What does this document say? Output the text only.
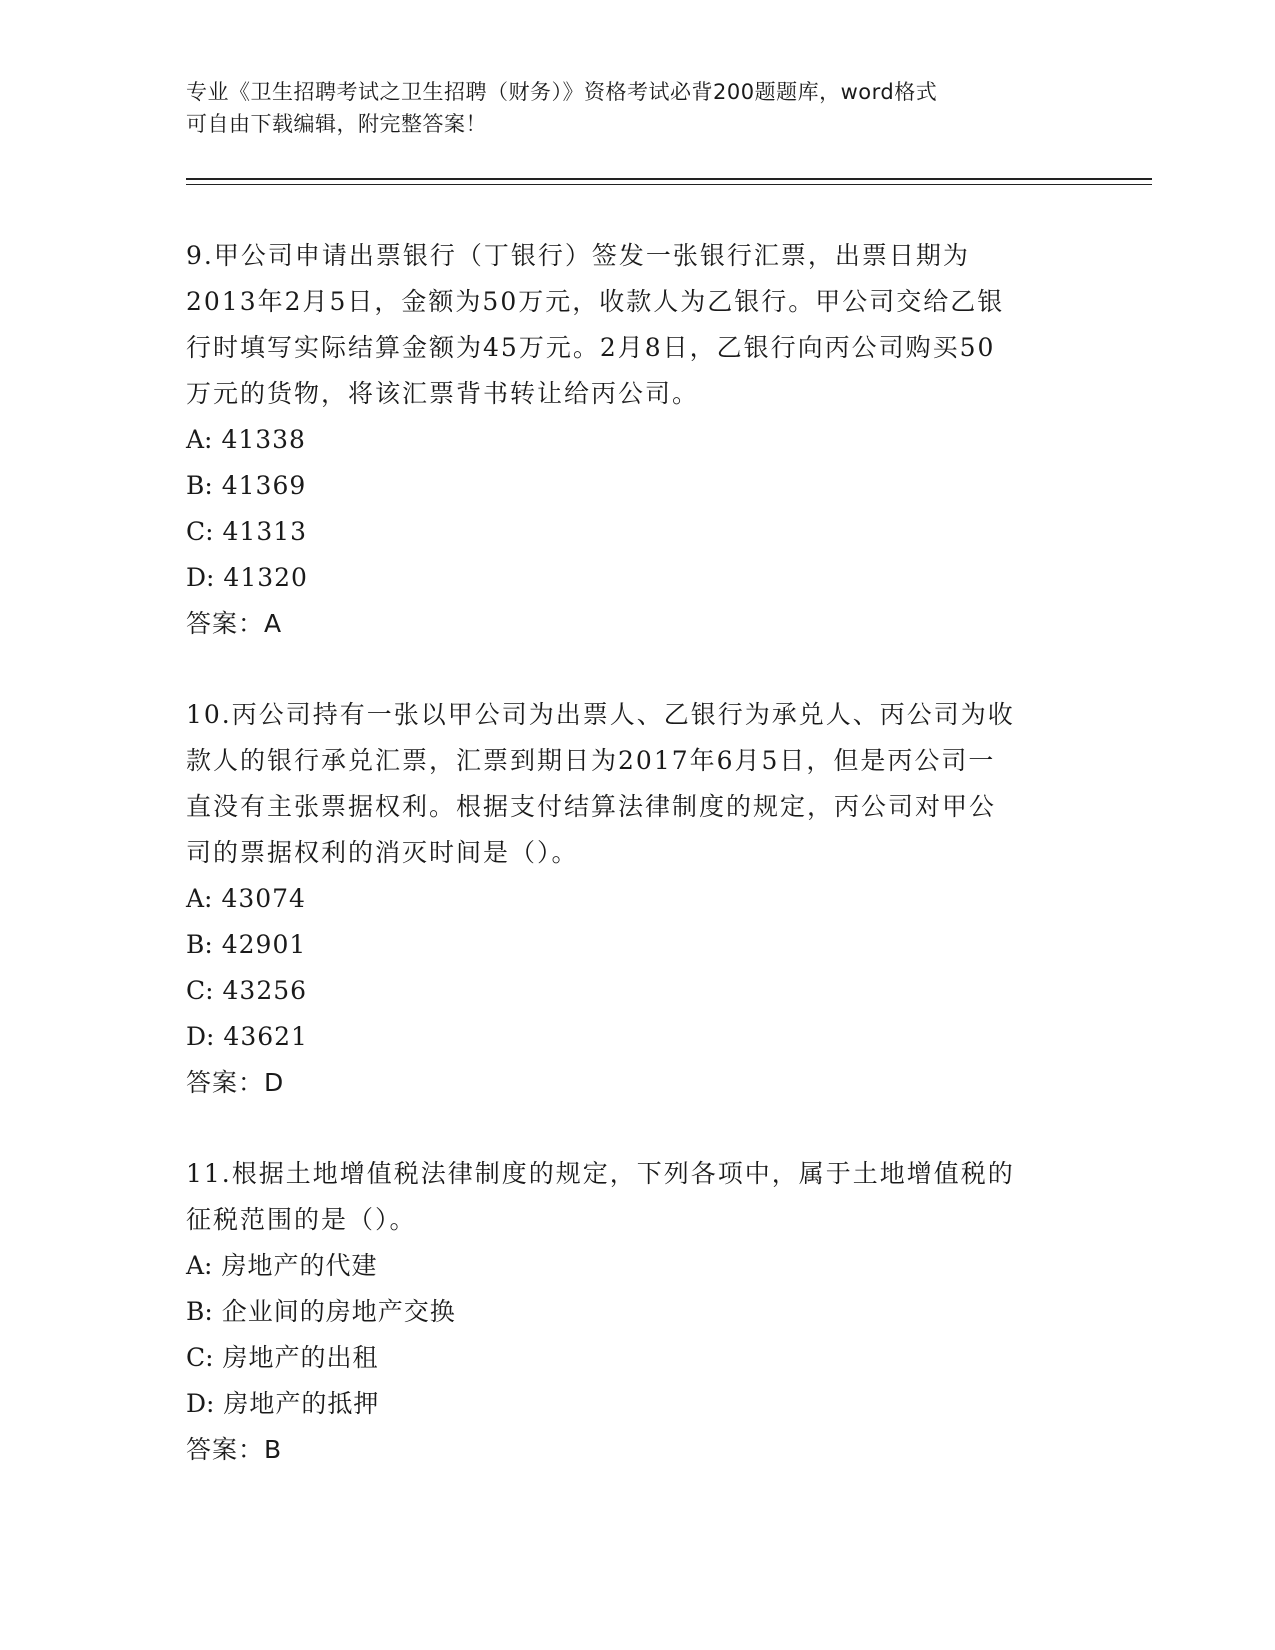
专业《卫生招聘考试之卫生招聘（财务）》资格考试必背200题题库，word格式
可自由下载编辑，附完整答案！

9.甲公司申请出票银行（丁银行）签发一张银行汇票，出票日期为
2013年2月5日，金额为50万元，收款人为乙银行。甲公司交给乙银
行时填写实际结算金额为45万元。2月8日，乙银行向丙公司购买50
万元的货物，将该汇票背书转让给丙公司。

A: 41338

B: 41369

C: 41313

D: 41320

答案：A

10.丙公司持有一张以甲公司为出票人、乙银行为承兑人、丙公司为收
款人的银行承兑汇票，汇票到期日为2017年6月5日，但是丙公司一
直没有主张票据权利。根据支付结算法律制度的规定，丙公司对甲公
司的票据权利的消灭时间是（）。

A: 43074

B: 42901

C: 43256

D: 43621

答案：D

11.根据土地增值税法律制度的规定，下列各项中，属于土地增值税的
征税范围的是（）。

A: 房地产的代建

B: 企业间的房地产交换

C: 房地产的出租

D: 房地产的抵押

答案：B
